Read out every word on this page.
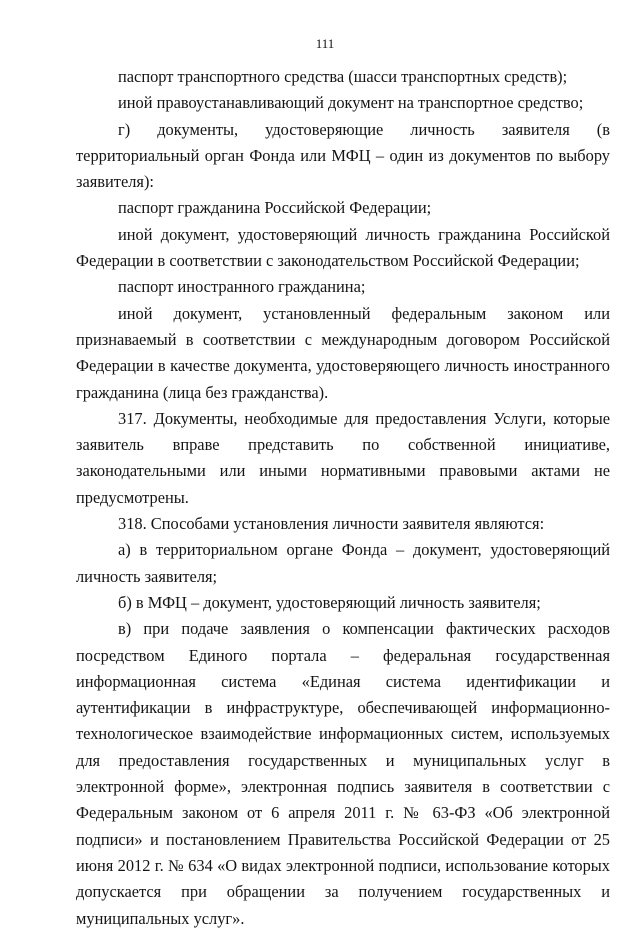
111

паспорт транспортного средства (шасси транспортных средств);

иной правоустанавливающий документ на транспортное средство;

г) документы, удостоверяющие личность заявителя (в территориальный орган Фонда или МФЦ – один из документов по выбору заявителя):

паспорт гражданина Российской Федерации;

иной документ, удостоверяющий личность гражданина Российской Федерации в соответствии с законодательством Российской Федерации;

паспорт иностранного гражданина;

иной документ, установленный федеральным законом или признаваемый в соответствии с международным договором Российской Федерации в качестве документа, удостоверяющего личность иностранного гражданина (лица без гражданства).

317. Документы, необходимые для предоставления Услуги, которые заявитель вправе представить по собственной инициативе, законодательными или иными нормативными правовыми актами не предусмотрены.

318. Способами установления личности заявителя являются:

а) в территориальном органе Фонда – документ, удостоверяющий личность заявителя;

б) в МФЦ – документ, удостоверяющий личность заявителя;

в) при подаче заявления о компенсации фактических расходов посредством Единого портала – федеральная государственная информационная система «Единая система идентификации и аутентификации в инфраструктуре, обеспечивающей информационно-технологическое взаимодействие информационных систем, используемых для предоставления государственных и муниципальных услуг в электронной форме», электронная подпись заявителя в соответствии с Федеральным законом от 6 апреля 2011 г. № 63-ФЗ «Об электронной подписи» и постановлением Правительства Российской Федерации от 25 июня 2012 г. № 634 «О видах электронной подписи, использование которых допускается при обращении за получением государственных и муниципальных услуг».
